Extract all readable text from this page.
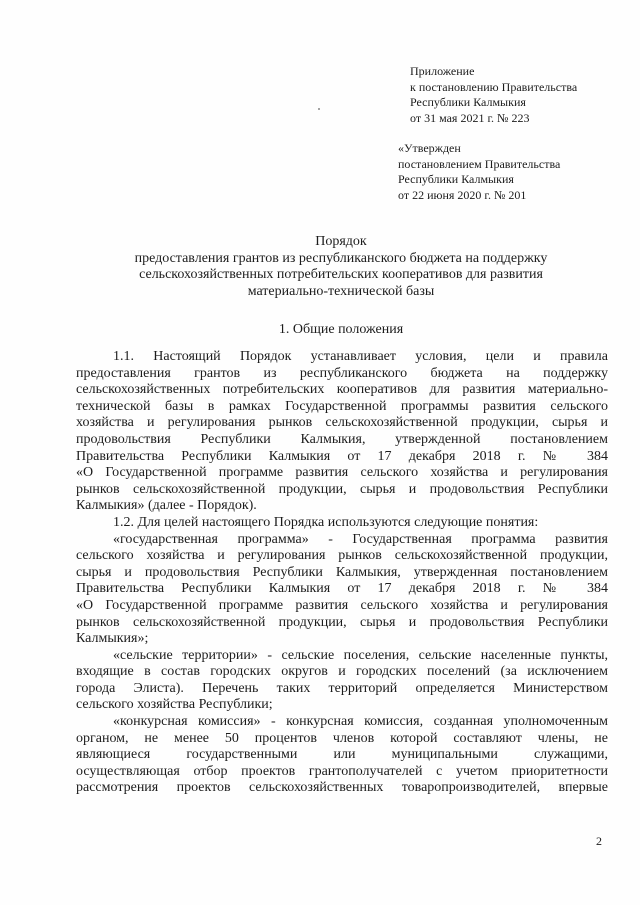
Приложение
к постановлению Правительства
Республики Калмыкия
от 31 мая 2021 г. № 223
«Утвержден
постановлением Правительства
Республики Калмыкия
от 22 июня 2020 г. № 201
Порядок
предоставления грантов из республиканского бюджета на поддержку
сельскохозяйственных потребительских кооперативов для развития
материально-технической базы
1. Общие положения
1.1. Настоящий Порядок устанавливает условия, цели и правила
предоставления грантов из республиканского бюджета на поддержку
сельскохозяйственных потребительских кооперативов для развития материально-
технической базы в рамках Государственной программы развития сельского
хозяйства и регулирования рынков сельскохозяйственной продукции, сырья и
продовольствия Республики Калмыкия, утвержденной постановлением
Правительства Республики Калмыкия от 17 декабря 2018 г. № 384
«О Государственной программе развития сельского хозяйства и регулирования
рынков сельскохозяйственной продукции, сырья и продовольствия Республики
Калмыкия» (далее - Порядок).
1.2. Для целей настоящего Порядка используются следующие понятия:
«государственная программа» - Государственная программа развития
сельского хозяйства и регулирования рынков сельскохозяйственной продукции,
сырья и продовольствия Республики Калмыкия, утвержденная постановлением
Правительства Республики Калмыкия от 17 декабря 2018 г. № 384
«О Государственной программе развития сельского хозяйства и регулирования
рынков сельскохозяйственной продукции, сырья и продовольствия Республики
Калмыкия»;
«сельские территории» - сельские поселения, сельские населенные пункты,
входящие в состав городских округов и городских поселений (за исключением
города Элиста). Перечень таких территорий определяется Министерством
сельского хозяйства Республики;
«конкурсная комиссия» - конкурсная комиссия, созданная уполномоченным
органом, не менее 50 процентов членов которой составляют члены, не
являющиеся государственными или муниципальными служащими,
осуществляющая отбор проектов грантополучателей с учетом приоритетности
рассмотрения проектов сельскохозяйственных товаропроизводителей, впервые
2
